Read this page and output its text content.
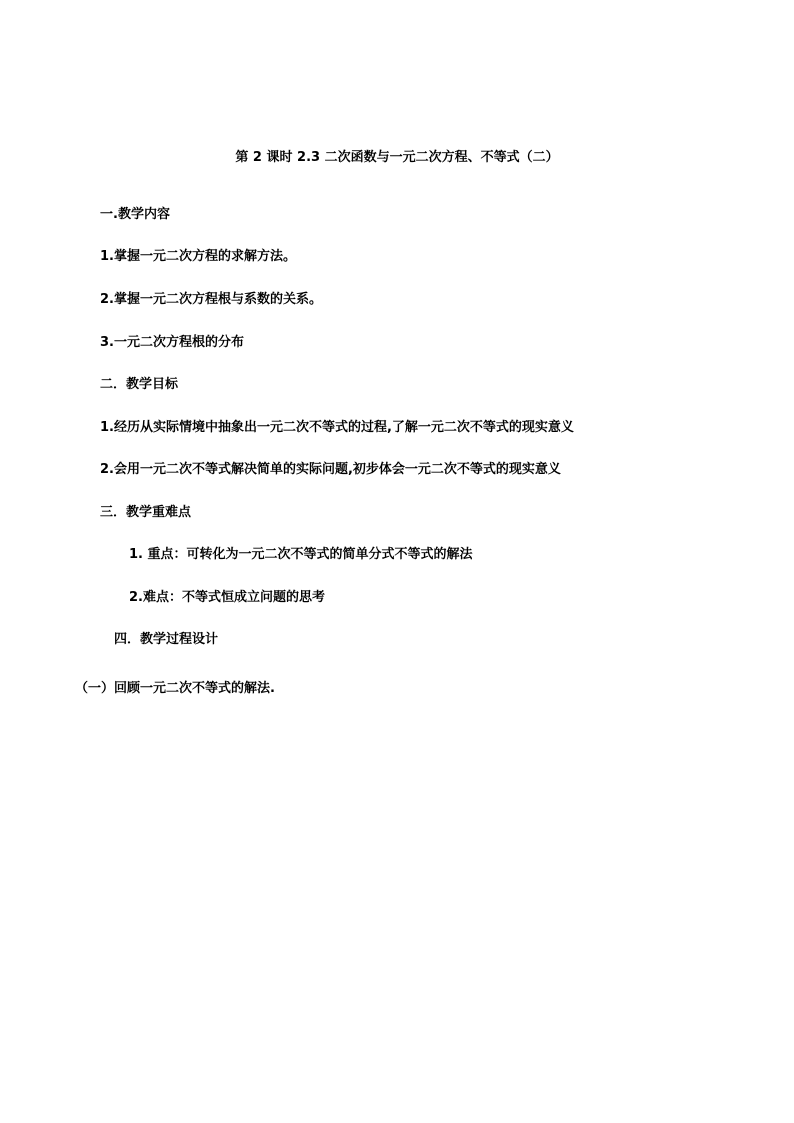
第 2 课时 2.3 二次函数与一元二次方程、不等式（二）
一.教学内容
1.掌握一元二次方程的求解方法。
2.掌握一元二次方程根与系数的关系。
3.一元二次方程根的分布
二．教学目标
1.经历从实际情境中抽象出一元二次不等式的过程,了解一元二次不等式的现实意义
2.会用一元二次不等式解决简单的实际问题,初步体会一元二次不等式的现实意义
三．教学重难点
1. 重点：可转化为一元二次不等式的简单分式不等式的解法
2.难点：不等式恒成立问题的思考
四．教学过程设计
（一）回顾一元二次不等式的解法.
